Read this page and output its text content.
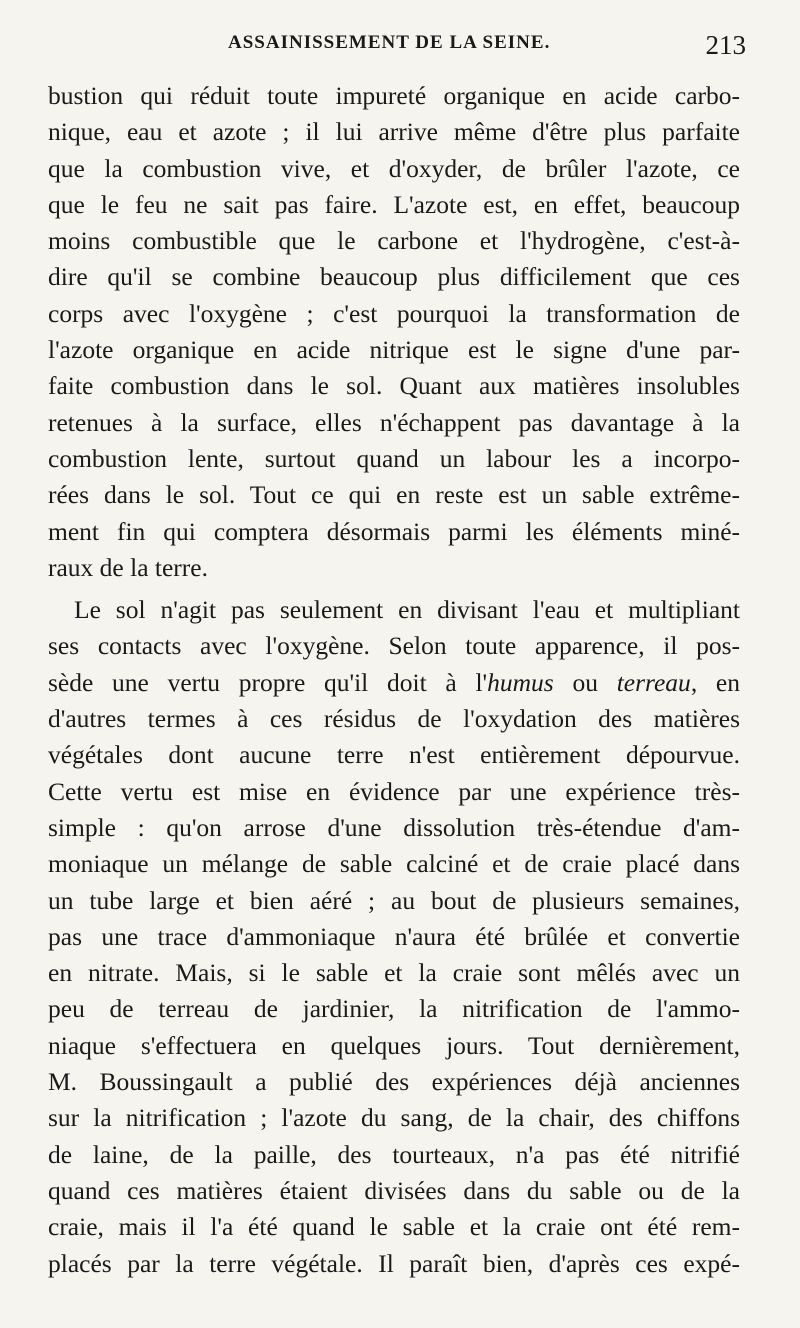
ASSAINISSEMENT DE LA SEINE.	213
bustion qui réduit toute impureté organique en acide carbo-
nique, eau et azote ; il lui arrive même d'être plus parfaite
que la combustion vive, et d'oxyder, de brûler l'azote, ce
que le feu ne sait pas faire. L'azote est, en effet, beaucoup
moins combustible que le carbone et l'hydrogène, c'est-à-
dire qu'il se combine beaucoup plus difficilement que ces
corps avec l'oxygène ; c'est pourquoi la transformation de
l'azote organique en acide nitrique est le signe d'une par-
faite combustion dans le sol. Quant aux matières insolubles
retenues à la surface, elles n'échappent pas davantage à la
combustion lente, surtout quand un labour les a incorpo-
rées dans le sol. Tout ce qui en reste est un sable extrême-
ment fin qui comptera désormais parmi les éléments miné-
raux de la terre.
Le sol n'agit pas seulement en divisant l'eau et multipliant
ses contacts avec l'oxygène. Selon toute apparence, il pos-
sède une vertu propre qu'il doit à l'humus ou terreau, en
d'autres termes à ces résidus de l'oxydation des matières
végétales dont aucune terre n'est entièrement dépourvue.
Cette vertu est mise en évidence par une expérience très-
simple : qu'on arrose d'une dissolution très-étendue d'am-
moniaque un mélange de sable calciné et de craie placé dans
un tube large et bien aéré ; au bout de plusieurs semaines,
pas une trace d'ammoniaque n'aura été brûlée et convertie
en nitrate. Mais, si le sable et la craie sont mêlés avec un
peu de terreau de jardinier, la nitrification de l'ammo-
niaque s'effectuera en quelques jours. Tout dernièrement,
M. Boussingault a publié des expériences déjà anciennes
sur la nitrification ; l'azote du sang, de la chair, des chiffons
de laine, de la paille, des tourteaux, n'a pas été nitrifié
quand ces matières étaient divisées dans du sable ou de la
craie, mais il l'a été quand le sable et la craie ont été rem-
placés par la terre végétale. Il paraît bien, d'après ces expé-
